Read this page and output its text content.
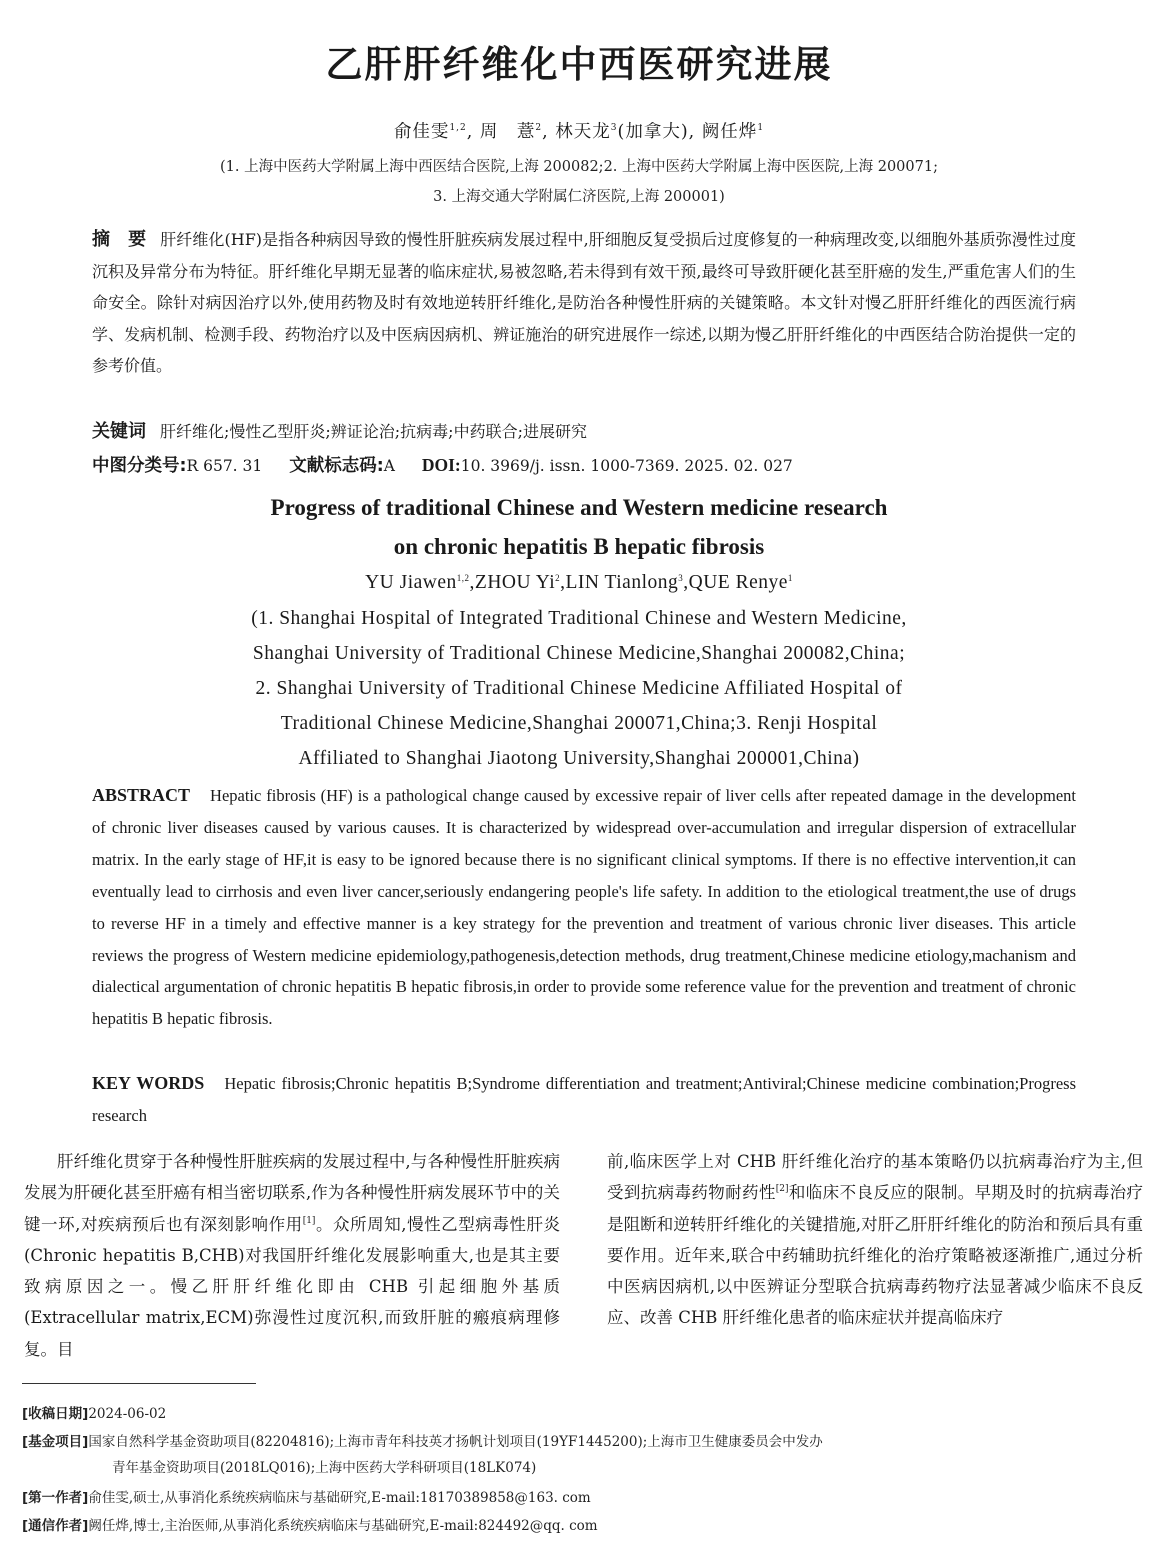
乙肝肝纤维化中西医研究进展
俞佳雯$^{1,2}$, 周　薏$^2$, 林天龙$^3$(加拿大), 阙任烨$^1$
(1. 上海中医药大学附属上海中西医结合医院,上海 200082;2. 上海中医药大学附属上海中医医院,上海 200071;
3. 上海交通大学附属仁济医院,上海 200001)
摘　要 肝纤维化(HF)是指各种病因导致的慢性肝脏疾病发展过程中,肝细胞反复受损后过度修复的一种病理改变,以细胞外基质弥漫性过度沉积及异常分布为特征。肝纤维化早期无显著的临床症状,易被忽略,若未得到有效干预,最终可导致肝硬化甚至肝癌的发生,严重危害人们的生命安全。除针对病因治疗以外,使用药物及时有效地逆转肝纤维化,是防治各种慢性肝病的关键策略。本文针对慢乙肝肝纤维化的西医流行病学、发病机制、检测手段、药物治疗以及中医病因病机、辨证施治的研究进展作一综述,以期为慢乙肝肝纤维化的中西医结合防治提供一定的参考价值。
关键词 肝纤维化;慢性乙型肝炎;辨证论治;抗病毒;中药联合;进展研究
中图分类号:R 657. 31 文献标志码:A DOI:10. 3969/j. issn. 1000-7369. 2025. 02. 027
Progress of traditional Chinese and Western medicine research
on chronic hepatitis B hepatic fibrosis
YU Jiawen$^{1,2}$,ZHOU Yi$^2$,LIN Tianlong$^3$,QUE Renye$^1$
(1. Shanghai Hospital of Integrated Traditional Chinese and Western Medicine,
Shanghai University of Traditional Chinese Medicine,Shanghai 200082,China;
2. Shanghai University of Traditional Chinese Medicine Affiliated Hospital of
Traditional Chinese Medicine,Shanghai 200071,China;3. Renji Hospital
Affiliated to Shanghai Jiaotong University,Shanghai 200001,China)
ABSTRACT Hepatic fibrosis (HF) is a pathological change caused by excessive repair of liver cells after repeated damage in the development of chronic liver diseases caused by various causes. It is characterized by widespread over-accumulation and irregular dispersion of extracellular matrix. In the early stage of HF,it is easy to be ignored because there is no significant clinical symptoms. If there is no effective intervention,it can eventually lead to cirrhosis and even liver cancer,seriously endangering people's life safety. In addition to the etiological treatment,the use of drugs to reverse HF in a timely and effective manner is a key strategy for the prevention and treatment of various chronic liver diseases. This article reviews the progress of Western medicine epidemiology,pathogenesis,detection methods, drug treatment,Chinese medicine etiology,machanism and dialectical argumentation of chronic hepatitis B hepatic fibrosis,in order to provide some reference value for the prevention and treatment of chronic hepatitis B hepatic fibrosis.
KEY WORDS Hepatic fibrosis;Chronic hepatitis B;Syndrome differentiation and treatment;Antiviral;Chinese medicine combination;Progress research

肝纤维化贯穿于各种慢性肝脏疾病的发展过程中,与各种慢性肝脏疾病发展为肝硬化甚至肝癌有相当密切联系,作为各种慢性肝病发展环节中的关键一环,对疾病预后也有深刻影响作用[1]。众所周知,慢性乙型病毒性肝炎(Chronic hepatitis B,CHB)对我国肝纤维化发展影响重大,也是其主要致病原因之一。慢乙肝肝纤维化即由 CHB 引起细胞外基质(Extracellular matrix,ECM)弥漫性过度沉积,而致肝脏的瘢痕病理修复。目

前,临床医学上对 CHB 肝纤维化治疗的基本策略仍以抗病毒治疗为主,但受到抗病毒药物耐药性[2]和临床不良反应的限制。早期及时的抗病毒治疗是阻断和逆转肝纤维化的关键措施,对肝乙肝肝纤维化的防治和预后具有重要作用。近年来,联合中药辅助抗纤维化的治疗策略被逐渐推广,通过分析中医病因病机,以中医辨证分型联合抗病毒药物疗法显著减少临床不良反应、改善 CHB 肝纤维化患者的临床症状并提高临床疗

[收稿日期]2024-06-02
[基金项目]国家自然科学基金资助项目(82204816);上海市青年科技英才扬帆计划项目(19YF1445200);上海市卫生健康委员会中发办
青年基金资助项目(2018LQ016);上海中医药大学科研项目(18LK074)
[第一作者]俞佳雯,硕士,从事消化系统疾病临床与基础研究,E-mail:18170389858@163. com
[通信作者]阙任烨,博士,主治医师,从事消化系统疾病临床与基础研究,E-mail:824492@qq. com
